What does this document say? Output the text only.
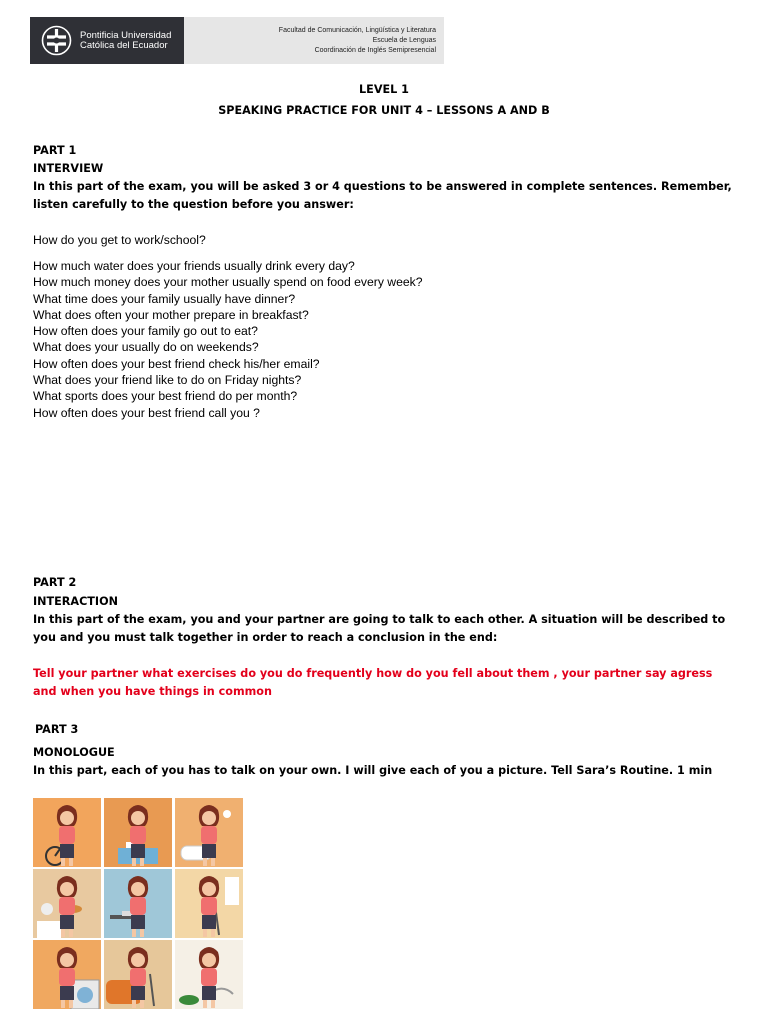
Pontificia Universidad
Católica del Ecuador
Facultad de Comunicación, Lingüística y Literatura
Escuela de Lenguas
Coordinación de Inglés Semipresencial
LEVEL 1
SPEAKING PRACTICE FOR UNIT 4 – LESSONS A AND B
PART 1
INTERVIEW
In this part of the exam, you will be asked 3 or 4 questions to be answered in complete sentences. Remember, listen carefully to the question before you answer:
How do you get to work/school?
How much water does your friends usually drink every day?
How much money does your mother usually spend on food every week?
What time does your family usually have dinner?
What does often your mother prepare in breakfast?
How often does your family go out to eat?
What does your usually do on weekends?
How often does your best friend check his/her email?
What does your friend like to do on Friday nights?
What sports does your best friend do per month?
How often does your best friend call you ?
PART 2
INTERACTION
In this part of the exam, you and your partner are going to talk to each other. A situation will be described to you and you must talk together in order to reach a conclusion in the end:
Tell your partner what exercises do you do frequently how do you fell about them , your partner say agress and when you have things in common
PART 3
MONOLOGUE
In this part, each of you has to talk on your own. I will give each of you a picture. Tell Sara’s Routine. 1 min
